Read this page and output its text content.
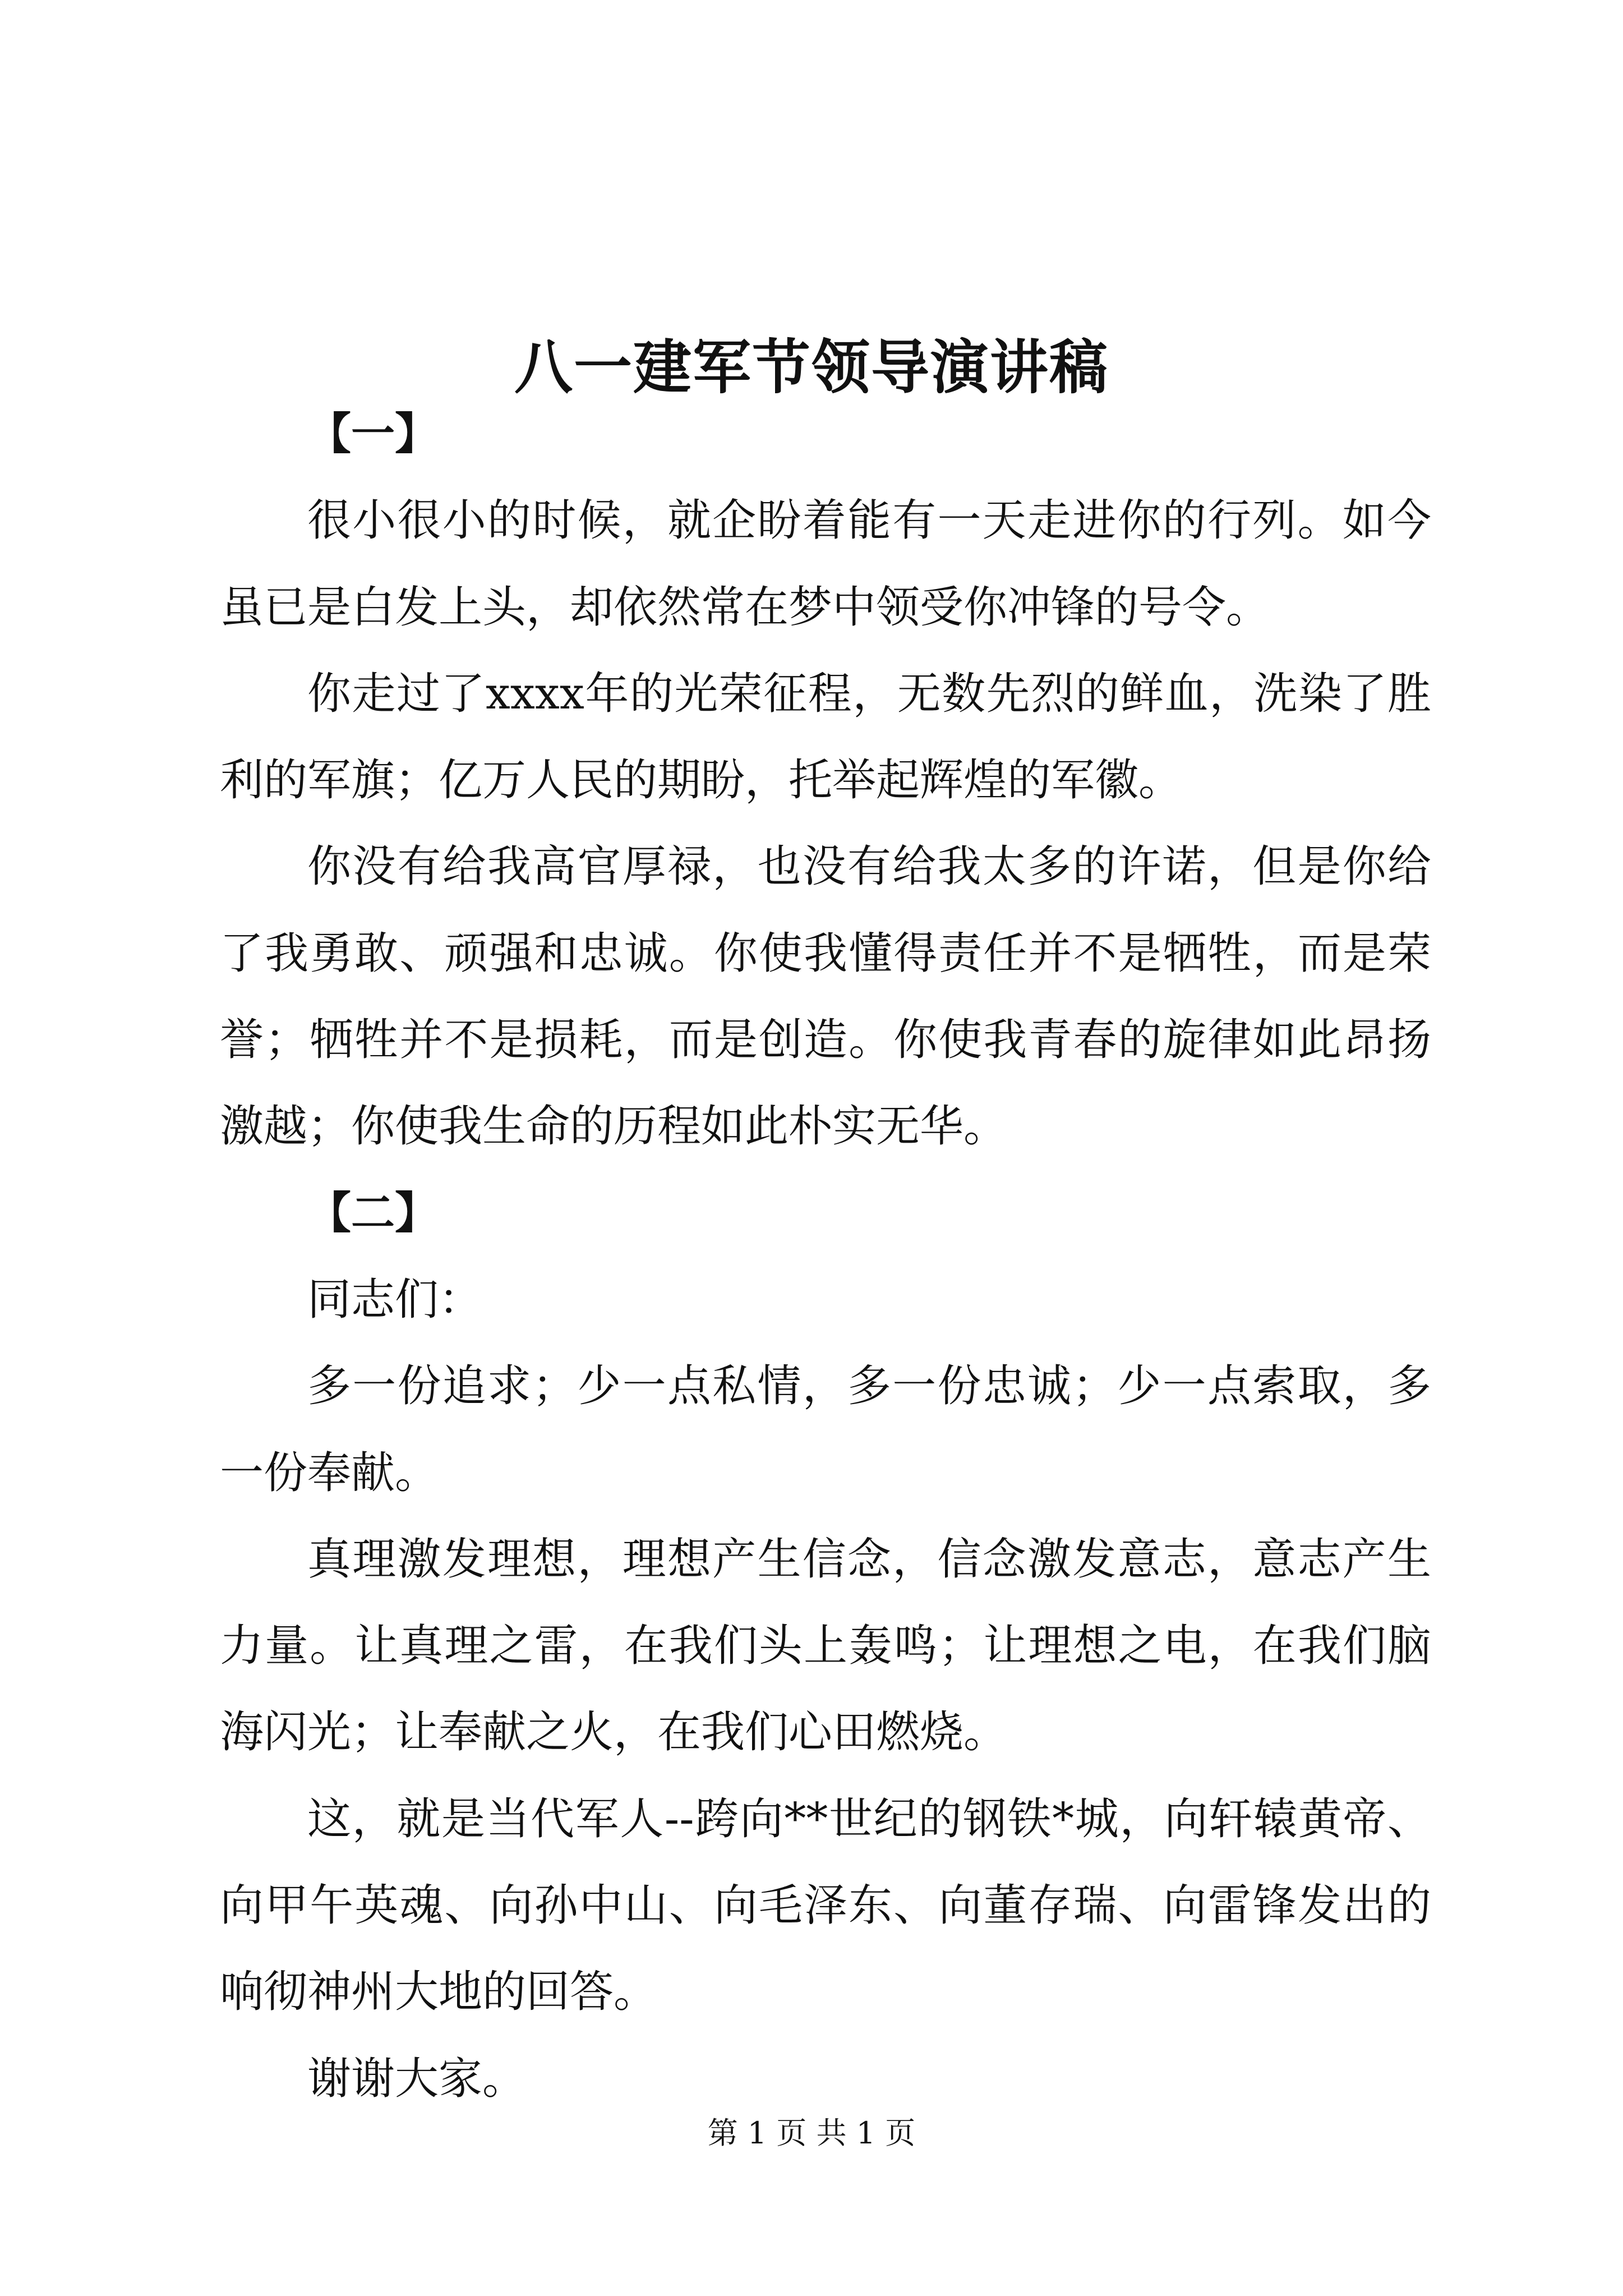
八一建军节领导演讲稿

【一】

很小很小的时候，就企盼着能有一天走进你的行列。如今虽已是白发上头，却依然常在梦中领受你冲锋的号令。

你走过了xxxx年的光荣征程，无数先烈的鲜血，洗染了胜利的军旗；亿万人民的期盼，托举起辉煌的军徽。

你没有给我高官厚禄，也没有给我太多的许诺，但是你给了我勇敢、顽强和忠诚。你使我懂得责任并不是牺牲，而是荣誉；牺牲并不是损耗，而是创造。你使我青春的旋律如此昂扬激越；你使我生命的历程如此朴实无华。

【二】

同志们：

多一份追求；少一点私情，多一份忠诚；少一点索取，多一份奉献。

真理激发理想，理想产生信念，信念激发意志，意志产生力量。让真理之雷，在我们头上轰鸣；让理想之电，在我们脑海闪光；让奉献之火，在我们心田燃烧。

这，就是当代军人--跨向**世纪的钢铁*城，向轩辕黄帝、向甲午英魂、向孙中山、向毛泽东、向董存瑞、向雷锋发出的响彻神州大地的回答。

谢谢大家。

第 1 页 共 1 页
